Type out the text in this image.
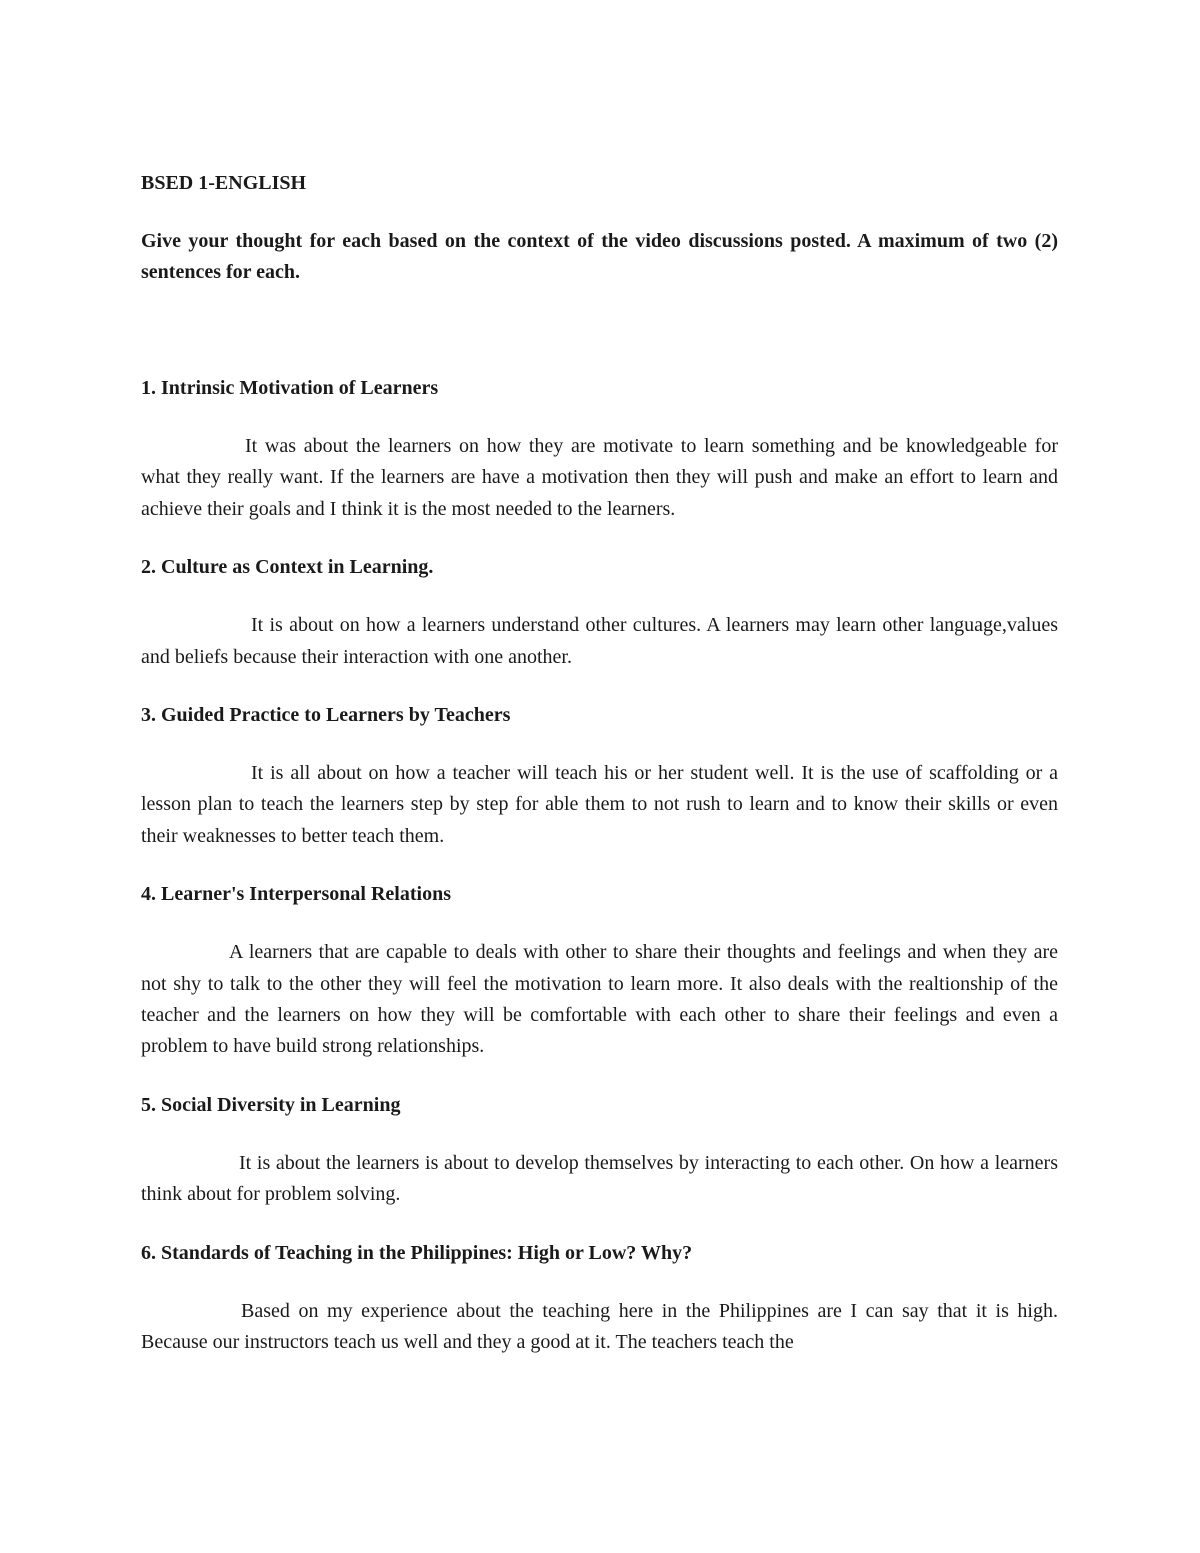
BSED 1-ENGLISH

Give your thought for each based on the context of the video discussions posted. A maximum of two (2) sentences for each.

1. Intrinsic Motivation of Learners

It was about the learners on how they are motivate to learn something and be knowledgeable for what they really want. If the learners are have a motivation then they will push and make an effort to learn and achieve their goals and I think it is the most needed to the learners.

2. Culture as Context in Learning.

It is about on how a learners understand other cultures. A learners may learn other language,values and beliefs because their interaction with one another.

3. Guided Practice to Learners by Teachers

It is all about on how a teacher will teach his or her student well. It is the use of scaffolding or a lesson plan to teach the learners step by step for able them to not rush to learn and to know their skills or even their weaknesses to better teach them.

4. Learner's Interpersonal Relations

A learners that are capable to deals with other to share their thoughts and feelings and when they are not shy to talk to the other they will feel the motivation to learn more. It also deals with the realtionship of the teacher and the learners on how they will be comfortable with each other to share their feelings and even a problem to have build strong relationships.

5. Social Diversity in Learning

It is about the learners is about to develop themselves by interacting to each other. On how a learners think about for problem solving.

6. Standards of Teaching in the Philippines: High or Low? Why?

Based on my experience about the teaching here in the Philippines are I can say that it is high. Because our instructors teach us well and they a good at it. The teachers teach the
